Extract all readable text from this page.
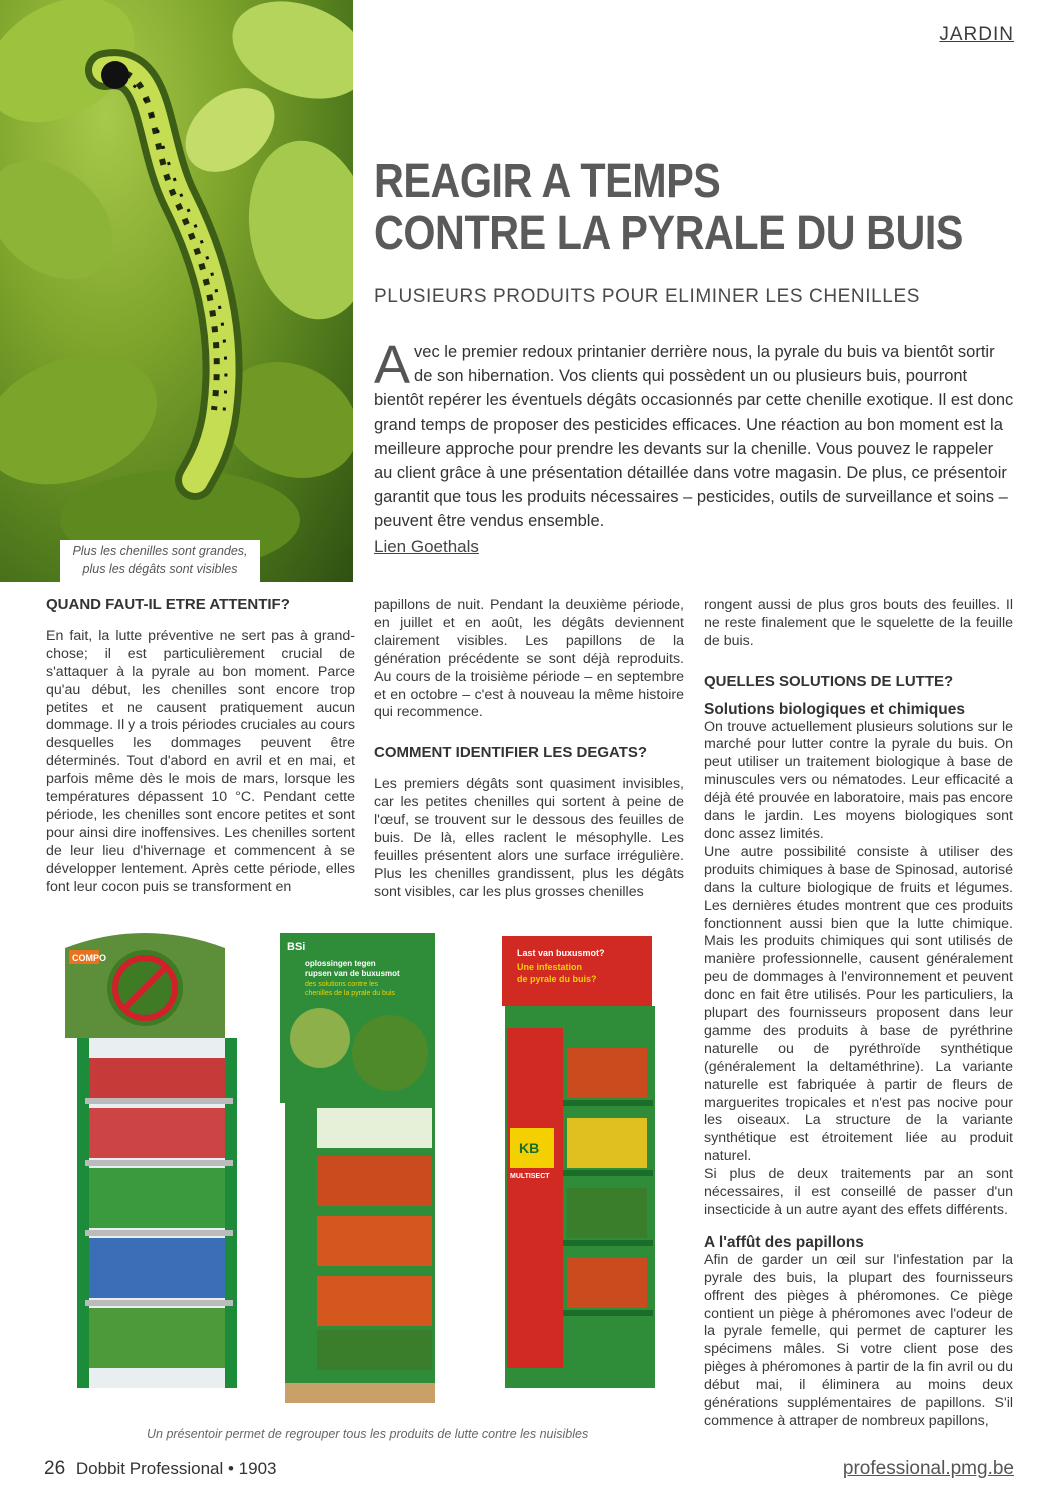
Plus les chenilles sont grandes,
plus les dégâts sont visibles
JARDIN
REAGIR A TEMPS
CONTRE LA PYRALE DU BUIS
PLUSIEURS PRODUITS POUR ELIMINER LES CHENILLES
Avec le premier redoux printanier derrière nous, la pyrale du buis va bientôt sortir de son hibernation. Vos clients qui possèdent un ou plusieurs buis, pourront bientôt repérer les éventuels dégâts occasionnés par cette chenille exotique. Il est donc grand temps de proposer des pesticides efficaces. Une réaction au bon moment est la meilleure approche pour prendre les devants sur la chenille. Vous pouvez le rappeler au client grâce à une présentation détaillée dans votre magasin. De plus, ce présentoir garantit que tous les produits nécessaires – pesticides, outils de surveillance et soins – peuvent être vendus ensemble.
Lien Goethals
QUAND FAUT-IL ETRE ATTENTIF?

En fait, la lutte préventive ne sert pas à grand-chose; il est particulièrement crucial de s'attaquer à la pyrale au bon moment. Parce qu'au début, les chenilles sont encore trop petites et ne causent pratiquement aucun dommage. Il y a trois périodes cruciales au cours desquelles les dommages peuvent être déterminés. Tout d'abord en avril et en mai, et parfois même dès le mois de mars, lorsque les températures dépassent 10 °C. Pendant cette période, les chenilles sont encore petites et sont pour ainsi dire inoffensives. Les chenilles sortent de leur lieu d'hivernage et commencent à se développer lentement. Après cette période, elles font leur cocon puis se transforment en

papillons de nuit. Pendant la deuxième période, en juillet et en août, les dégâts deviennent clairement visibles. Les papillons de la génération précédente se sont déjà reproduits. Au cours de la troisième période – en septembre et en octobre – c'est à nouveau la même histoire qui recommence.

COMMENT IDENTIFIER LES DEGATS?

Les premiers dégâts sont quasiment invisibles, car les petites chenilles qui sortent à peine de l'œuf, se trouvent sur le dessous des feuilles de buis. De là, elles raclent le mésophylle. Les feuilles présentent alors une surface irrégulière. Plus les chenilles grandissent, plus les dégâts sont visibles, car les plus grosses chenilles

rongent aussi de plus gros bouts des feuilles. Il ne reste finalement que le squelette de la feuille de buis.

QUELLES SOLUTIONS DE LUTTE?
Solutions biologiques et chimiques

On trouve actuellement plusieurs solutions sur le marché pour lutter contre la pyrale du buis. On peut utiliser un traitement biologique à base de minuscules vers ou nématodes. Leur efficacité a déjà été prouvée en laboratoire, mais pas encore dans le jardin. Les moyens biologiques sont donc assez limités.

Une autre possibilité consiste à utiliser des produits chimiques à base de Spinosad, autorisé dans la culture biologique de fruits et légumes. Les dernières études montrent que ces produits fonctionnent aussi bien que la lutte chimique. Mais les produits chimiques qui sont utilisés de manière professionnelle, causent généralement peu de dommages à l'environnement et peuvent donc en fait être utilisés. Pour les particuliers, la plupart des fournisseurs proposent dans leur gamme des produits à base de pyréthrine naturelle ou de pyréthroïde synthétique (généralement la deltaméthrine). La variante naturelle est fabriquée à partir de fleurs de marguerites tropicales et n'est pas nocive pour les oiseaux. La structure de la variante synthétique est étroitement liée au produit naturel.

Si plus de deux traitements par an sont nécessaires, il est conseillé de passer d'un insecticide à un autre ayant des effets différents.

A l'affût des papillons

Afin de garder un œil sur l'infestation par la pyrale des buis, la plupart des fournisseurs offrent des pièges à phéromones. Ce piège contient un piège à phéromones avec l'odeur de la pyrale femelle, qui permet de capturer les spécimens mâles. Si votre client pose des pièges à phéromones à partir de la fin avril ou du début mai, il éliminera au moins deux générations supplémentaires de papillons. S'il commence à attraper de nombreux papillons,

COMPO
BSi
oplossingen tegen
rupsen van de buxusmot
des solutions contre les
chenilles de la pyrale du buis
Last van buxusmot?
Une infestation
de pyrale du buis?
KB
MULTISECT
Un présentoir permet de regrouper tous les produits de lutte contre les nuisibles
26 Dobbit Professional • 1903	professional.pmg.be
